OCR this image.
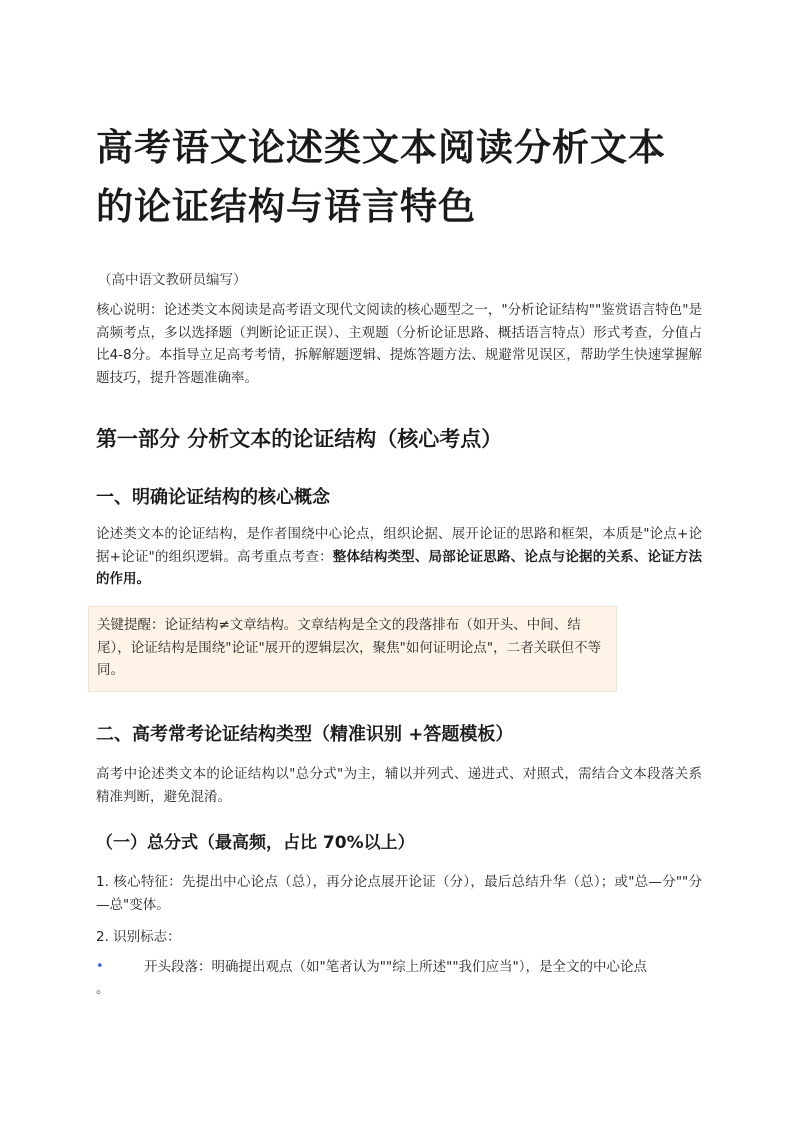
高考语文论述类文本阅读分析文本的论证结构与语言特色
（高中语文教研员编写）
核心说明：论述类文本阅读是高考语文现代文阅读的核心题型之一，"分析论证结构""鉴赏语言特色"是高频考点，多以选择题（判断论证正误）、主观题（分析论证思路、概括语言特点）形式考查，分值占比4-8分。本指导立足高考考情，拆解解题逻辑、提炼答题方法、规避常见误区，帮助学生快速掌握解题技巧，提升答题准确率。
第一部分 分析文本的论证结构（核心考点）
一、明确论证结构的核心概念
论述类文本的论证结构，是作者围绕中心论点，组织论据、展开论证的思路和框架，本质是"论点+论据+论证"的组织逻辑。高考重点考查：整体结构类型、局部论证思路、论点与论据的关系、论证方法的作用。
关键提醒：论证结构≠文章结构。文章结构是全文的段落排布（如开头、中间、结尾），论证结构是围绕"论证"展开的逻辑层次，聚焦"如何证明论点"，二者关联但不等同。
二、高考常考论证结构类型（精准识别 +答题模板）
高考中论述类文本的论证结构以"总分式"为主，辅以并列式、递进式、对照式，需结合文本段落关系精准判断，避免混淆。
（一）总分式（最高频，占比 70%以上）
1. 核心特征：先提出中心论点（总），再分论点展开论证（分），最后总结升华（总）；或"总—分""分—总"变体。
2. 识别标志：
•	开头段落：明确提出观点（如"笔者认为""综上所述""我们应当"），是全文的中心论点
。
